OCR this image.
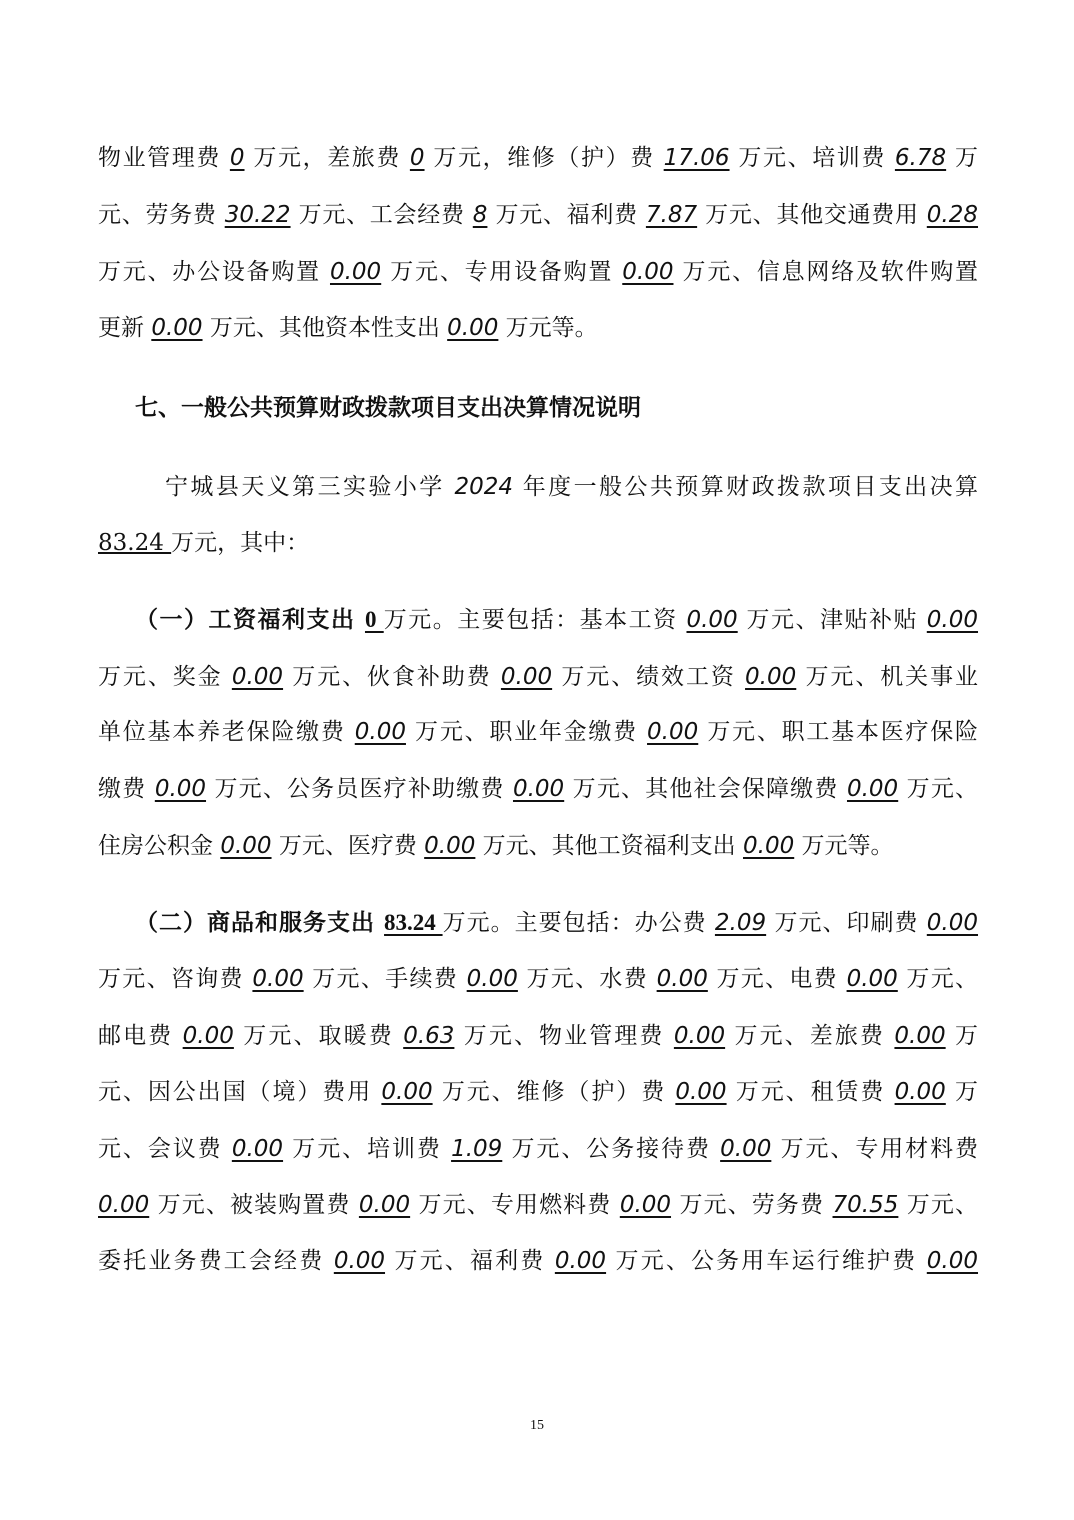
物业管理费 0 万元，差旅费 0 万元，维修（护）费 17.06 万元、培训费 6.78 万
元、劳务费 30.22 万元、工会经费 8 万元、福利费 7.87 万元、其他交通费用 0.28
万元、办公设备购置 0.00 万元、专用设备购置 0.00 万元、信息网络及软件购置
更新 0.00 万元、其他资本性支出 0.00 万元等。
七、一般公共预算财政拨款项目支出决算情况说明
宁城县天义第三实验小学 2024 年度一般公共预算财政拨款项目支出决算
83.24 万元，其中：
（一）工资福利支出 0 万元。主要包括：基本工资 0.00 万元、津贴补贴 0.00
万元、奖金 0.00 万元、伙食补助费 0.00 万元、绩效工资 0.00 万元、机关事业
单位基本养老保险缴费 0.00 万元、职业年金缴费 0.00 万元、职工基本医疗保险
缴费 0.00 万元、公务员医疗补助缴费 0.00 万元、其他社会保障缴费 0.00 万元、
住房公积金 0.00 万元、医疗费 0.00 万元、其他工资福利支出 0.00 万元等。
（二）商品和服务支出 83.24 万元。主要包括：办公费 2.09 万元、印刷费 0.00
万元、咨询费 0.00 万元、手续费 0.00 万元、水费 0.00 万元、电费 0.00 万元、
邮电费 0.00 万元、取暖费 0.63 万元、物业管理费 0.00 万元、差旅费 0.00 万
元、因公出国（境）费用 0.00 万元、维修（护）费 0.00 万元、租赁费 0.00 万
元、会议费 0.00 万元、培训费 1.09 万元、公务接待费 0.00 万元、专用材料费
0.00 万元、被装购置费 0.00 万元、专用燃料费 0.00 万元、劳务费 70.55 万元、
委托业务费工会经费 0.00 万元、福利费 0.00 万元、公务用车运行维护费 0.00
15
